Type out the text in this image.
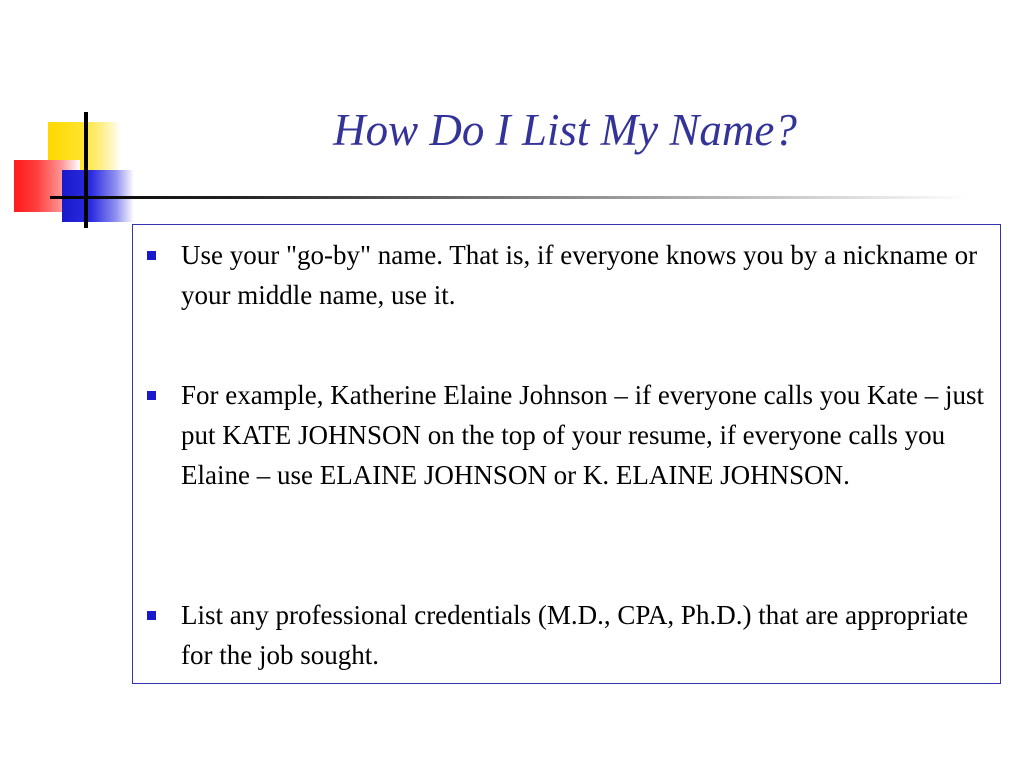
How Do I List My Name?
Use your "go-by" name. That is, if everyone knows you by a nickname or your middle name, use it.
For example, Katherine Elaine Johnson – if everyone calls you Kate – just put KATE JOHNSON on the top of your resume, if everyone calls you Elaine – use ELAINE JOHNSON or K. ELAINE JOHNSON.
List any professional credentials (M.D., CPA, Ph.D.) that are appropriate for the job sought.
